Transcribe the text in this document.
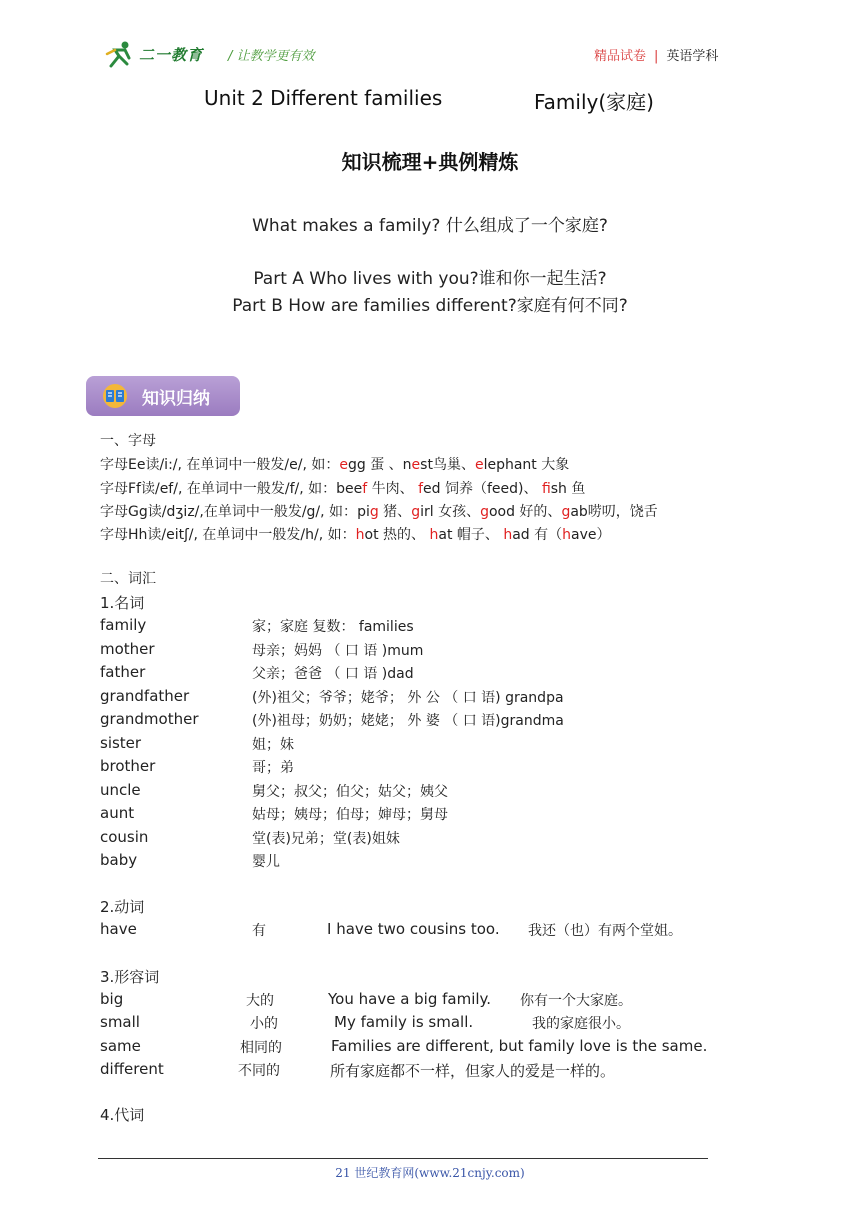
二一教育 / 让教学更有效	精品试卷 | 英语学科
Unit 2 Different families	Family(家庭)
知识梳理+典例精炼
What makes a family? 什么组成了一个家庭?
Part A Who lives with you?谁和你一起生活?
Part B How are families different?家庭有何不同?
知识归纳
一、字母
字母Ee读/i:/, 在单词中一般发/e/, 如：egg 蛋 、nest鸟巢、elephant 大象
字母Ff读/ef/, 在单词中一般发/f/, 如：beef 牛肉、 fed 饲养（feed)、 fish 鱼
字母Gg读/dʒiz/,在单词中一般发/g/, 如：pig 猪、girl 女孩、good 好的、gab唠叨，饶舌
字母Hh读/eitʃ/, 在单词中一般发/h/, 如：hot 热的、 hat 帽子、 had 有（have）
二、词汇
1.名词
family	家；家庭 复数： families
mother	母亲；妈妈 （ 口 语 )mum
father	父亲；爸爸 （ 口 语 )dad
grandfather	(外)祖父；爷爷；姥爷； 外 公 （ 口 语) grandpa
grandmother	(外)祖母；奶奶；姥姥； 外 婆 （ 口 语)grandma
sister	姐；妹
brother	哥；弟
uncle	舅父；叔父；伯父；姑父；姨父
aunt	姑母；姨母；伯母；婶母；舅母
cousin	堂(表)兄弟；堂(表)姐妹
baby	婴儿
2.动词
have	有	I have two cousins too. 我还（也）有两个堂姐。
3.形容词
big	大的	You have a big family. 你有一个大家庭。
small	小的	My family is small.	我的家庭很小。
same	相同的	Families are different, but family love is the same.
different	不同的	所有家庭都不一样，但家人的爱是一样的。
4.代词
21 世纪教育网(www.21cnjy.com)
